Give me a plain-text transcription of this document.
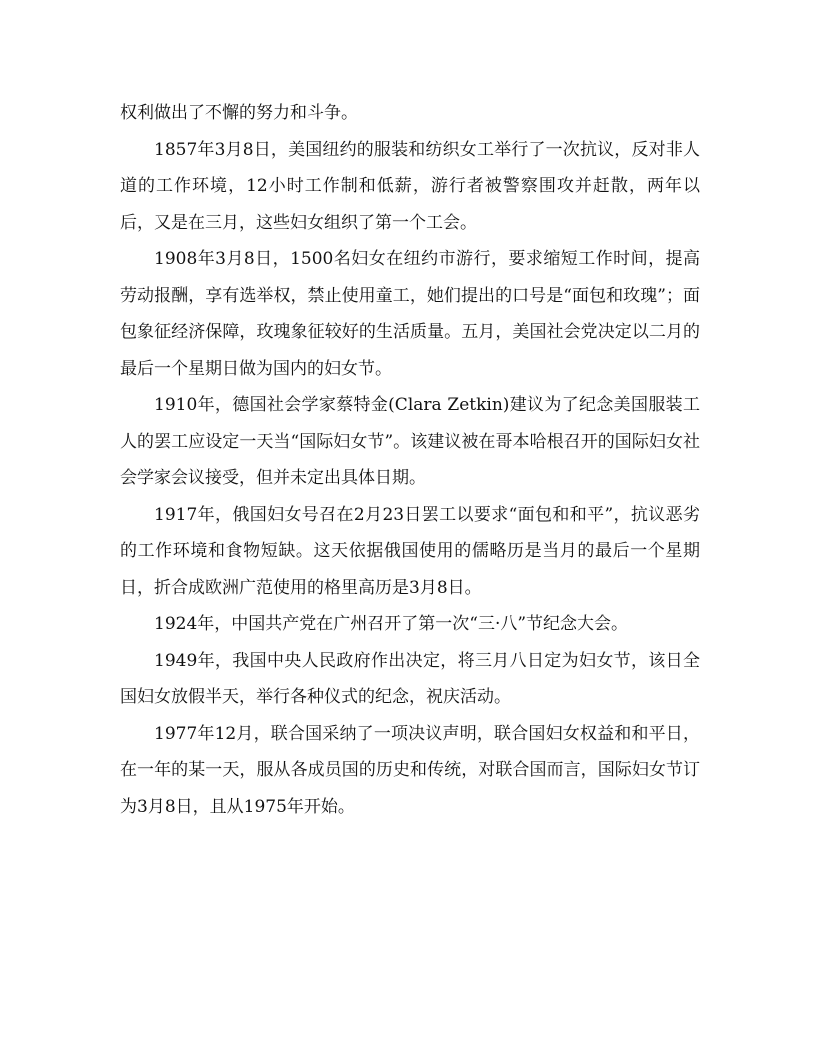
权利做出了不懈的努力和斗争。

1857年3月8日，美国纽约的服装和纺织女工举行了一次抗议，反对非人道的工作环境，12小时工作制和低薪，游行者被警察围攻并赶散，两年以后，又是在三月，这些妇女组织了第一个工会。

1908年3月8日，1500名妇女在纽约市游行，要求缩短工作时间，提高劳动报酬，享有选举权，禁止使用童工，她们提出的口号是“面包和玫瑰”；面包象征经济保障，玫瑰象征较好的生活质量。五月，美国社会党决定以二月的最后一个星期日做为国内的妇女节。

1910年，德国社会学家蔡特金(Clara Zetkin)建议为了纪念美国服装工人的罢工应设定一天当“国际妇女节”。该建议被在哥本哈根召开的国际妇女社会学家会议接受，但并未定出具体日期。

1917年，俄国妇女号召在2月23日罢工以要求“面包和和平”，抗议恶劣的工作环境和食物短缺。这天依据俄国使用的儒略历是当月的最后一个星期日，折合成欧洲广范使用的格里高历是3月8日。

1924年，中国共产党在广州召开了第一次“三·八”节纪念大会。

1949年，我国中央人民政府作出决定，将三月八日定为妇女节，该日全国妇女放假半天，举行各种仪式的纪念，祝庆活动。

1977年12月，联合国采纳了一项决议声明，联合国妇女权益和和平日，在一年的某一天，服从各成员国的历史和传统，对联合国而言，国际妇女节订为3月8日，且从1975年开始。
